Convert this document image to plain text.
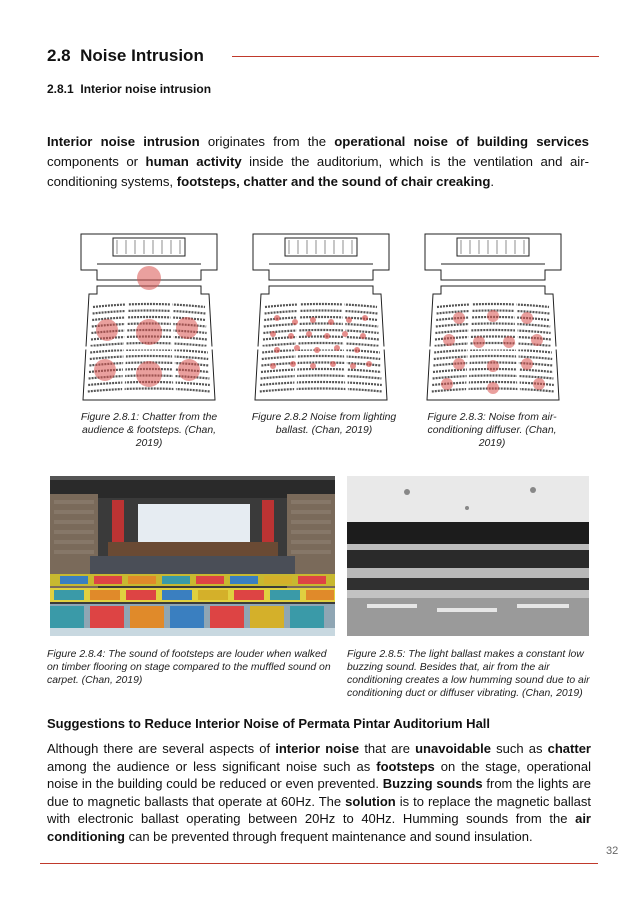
2.8 Noise Intrusion
2.8.1 Interior noise intrusion
Interior noise intrusion originates from the operational noise of building services components or human activity inside the auditorium, which is the ventilation and air-conditioning systems, footsteps, chatter and the sound of chair creaking.
Figure 2.8.1: Chatter from the audience & footsteps. (Chan, 2019)
Figure 2.8.2 Noise from lighting ballast. (Chan, 2019)
Figure 2.8.3: Noise from air-conditioning diffuser. (Chan, 2019)
Figure 2.8.4: The sound of footsteps are louder when walked on timber flooring on stage compared to the muffled sound on carpet. (Chan, 2019)
Figure 2.8.5: The light ballast makes a constant low buzzing sound. Besides that, air from the air conditioning creates a low humming sound due to air conditioning duct or diffuser vibrating. (Chan, 2019)
Suggestions to Reduce Interior Noise of Permata Pintar Auditorium Hall
Although there are several aspects of interior noise that are unavoidable such as chatter among the audience or less significant noise such as footsteps on the stage, operational noise in the building could be reduced or even prevented. Buzzing sounds from the lights are due to magnetic ballasts that operate at 60Hz. The solution is to replace the magnetic ballast with electronic ballast operating between 20Hz to 40Hz. Humming sounds from the air conditioning can be prevented through frequent maintenance and sound insulation.
32
